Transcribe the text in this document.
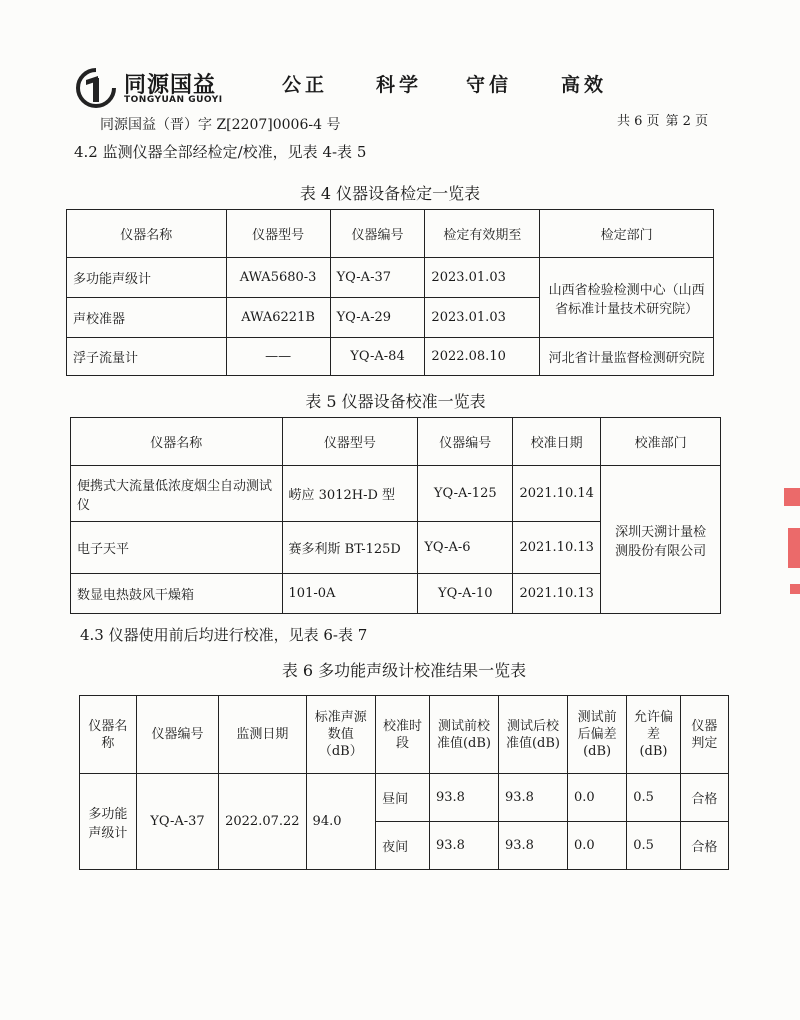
同源国益
TONGYUAN GUOYI
公正	科学 守信	高效
同源国益（晋）字 Z[2207]0006-4 号	共 6 页 第 2 页
4.2 监测仪器全部经检定/校准，见表 4-表 5
表 4 仪器设备检定一览表
仪器名称	仪器型号	仪器编号	检定有效期至	检定部门
多功能声级计	AWA5680-3	YQ-A-37	2023.01.03	山西省检验检测中心（山西省标准计量技术研究院）
声校准器	AWA6221B	YQ-A-29	2023.01.03	
浮子流量计	——	YQ-A-84	2022.08.10	河北省计量监督检测研究院
表 5 仪器设备校准一览表
仪器名称	仪器型号	仪器编号	校准日期	校准部门
便携式大流量低浓度烟尘自动测试仪	崂应 3012H-D 型	YQ-A-125	2021.10.14	深圳天溯计量检测股份有限公司
电子天平	赛多利斯 BT-125D	YQ-A-6	2021.10.13	
数显电热鼓风干燥箱	101-0A	YQ-A-10	2021.10.13	
4.3 仪器使用前后均进行校准，见表 6-表 7
表 6 多功能声级计校准结果一览表
仪器名称	仪器编号	监测日期	标准声源数值（dB）	校准时段	测试前校准值(dB)	测试后校准值(dB)	测试前后偏差(dB)	允许偏差(dB)	仪器判定
多功能声级计	YQ-A-37	2022.07.22	94.0	昼间	93.8	93.8	0.0	0.5	合格
				夜间	93.8	93.8	0.0	0.5	合格
